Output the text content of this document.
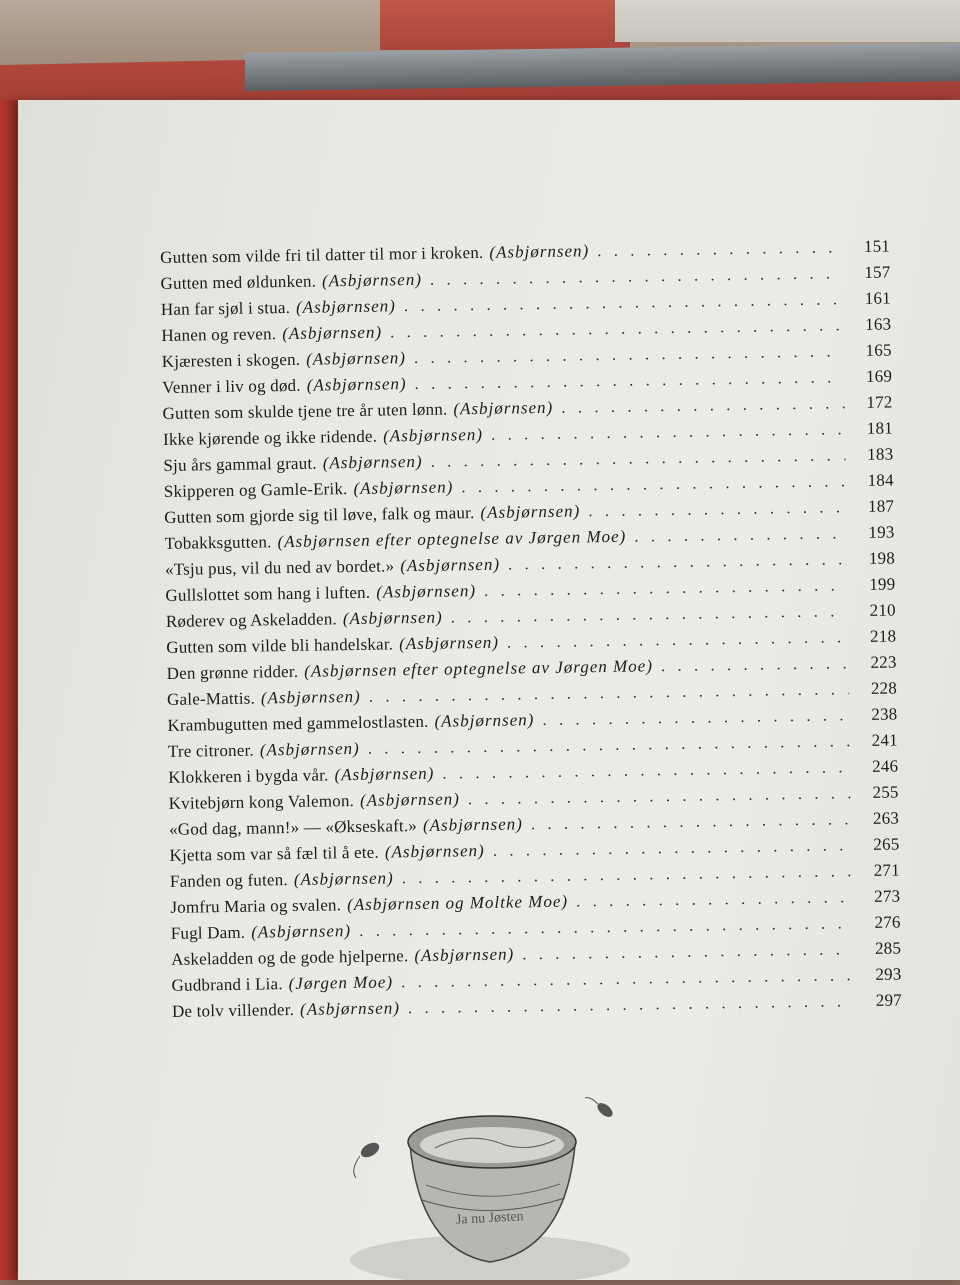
Gutten som vilde fri til datter til mor i kroken. (Asbjørnsen) . . .	151
Gutten med øldunken. (Asbjørnsen) . . .	157
Han far sjøl i stua. (Asbjørnsen) . . .	161
Hanen og reven. (Asbjørnsen) . . .	163
Kjæresten i skogen. (Asbjørnsen) . . .	165
Venner i liv og død. (Asbjørnsen) . . .	169
Gutten som skulde tjene tre år uten lønn. (Asbjørnsen) . . .	172
Ikke kjørende og ikke ridende. (Asbjørnsen) . . .	181
Sju års gammal graut. (Asbjørnsen) . . .	183
Skipperen og Gamle-Erik. (Asbjørnsen) . . .	184
Gutten som gjorde sig til løve, falk og maur. (Asbjørnsen) . . .	187
Tobakksgutten. (Asbjørnsen efter optegnelse av Jørgen Moe) . . .	193
«Tsju pus, vil du ned av bordet.» (Asbjørnsen) . . .	198
Gullslottet som hang i luften. (Asbjørnsen) . . .	199
Røderev og Askeladden. (Asbjørnsen) . . .	210
Gutten som vilde bli handelskar. (Asbjørnsen) . . .	218
Den grønne ridder. (Asbjørnsen efter optegnelse av Jørgen Moe) . . .	223
Gale-Mattis. (Asbjørnsen) . . .	228
Krambugutten med gammelostlasten. (Asbjørnsen) . . .	238
Tre citroner. (Asbjørnsen) . . .	241
Klokkeren i bygda vår. (Asbjørnsen) . . .	246
Kvitebjørn kong Valemon. (Asbjørnsen) . . .	255
«God dag, mann!» — «Økseskaft.» (Asbjørnsen) . . .	263
Kjetta som var så fæl til å ete. (Asbjørnsen) . . .	265
Fanden og futen. (Asbjørnsen) . . .	271
Jomfru Maria og svalen. (Asbjørnsen og Moltke Moe) . . .	273
Fugl Dam. (Asbjørnsen) . . .	276
Askeladden og de gode hjelperne. (Asbjørnsen) . . .	285
Gudbrand i Lia. (Jørgen Moe) . . .	293
De tolv villender. (Asbjørnsen) . . .	297
Ja nu Jøsten
